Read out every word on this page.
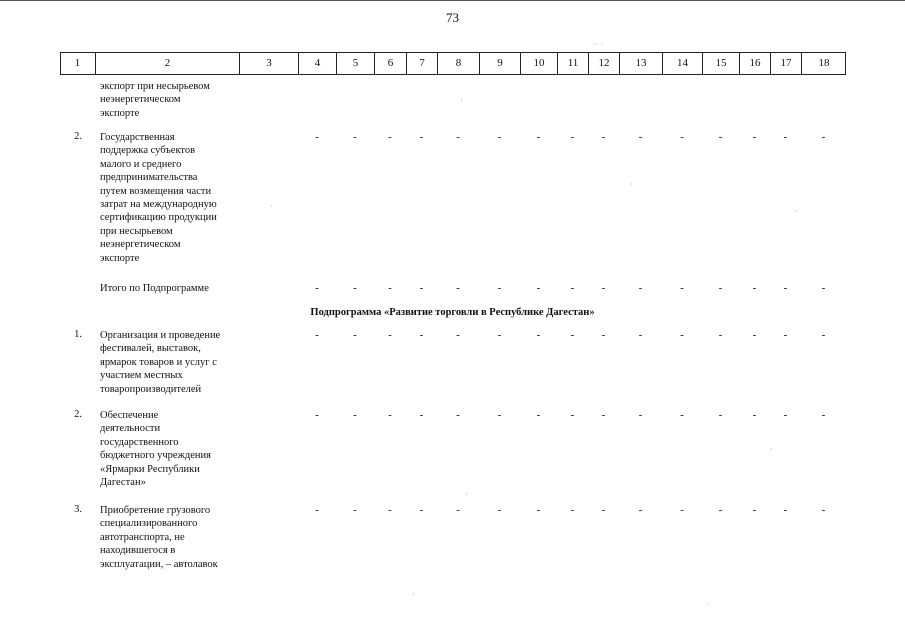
73
1	2	3	4	5	6	7	8	9	10	11	12	13	14	15	16	17	18
экспорт при несырьевом
неэнергетическом
экспорте
2. Государственная
поддержка субъектов
малого и среднего
предпринимательства
путем возмещения части
затрат на международную
сертификацию продукции
при несырьевом
неэнергетическом
экспорте
-	-	-	-	-	-	-	-	-	-	-	-	-	-	-
Итого по Подпрограмме	-	-	-	-	-	-	-	-	-	-	-	-	-	-	-
1. Организация и проведение
фестивалей, выставок,
ярмарок товаров и услуг с
участием местных
товаропроизводителей
-	-	-	-	-	-	-	-	-	-	-	-	-	-	-
2. Обеспечение
деятельности
государственного
бюджетного учреждения
«Ярмарки Республики
Дагестан»
-	-	-	-	-	-	-	-	-	-	-	-	-	-	-
3. Приобретение грузового
специализированного
автотранспорта, не
находившегося в
эксплуатации, – автолавок
-	-	-	-	-	-	-	-	-	-	-	-	-	-	-
Подпрограмма «Развитие торговли в Республике Дагестан»
·· ·
·
·
·
·
·
·
·
·
